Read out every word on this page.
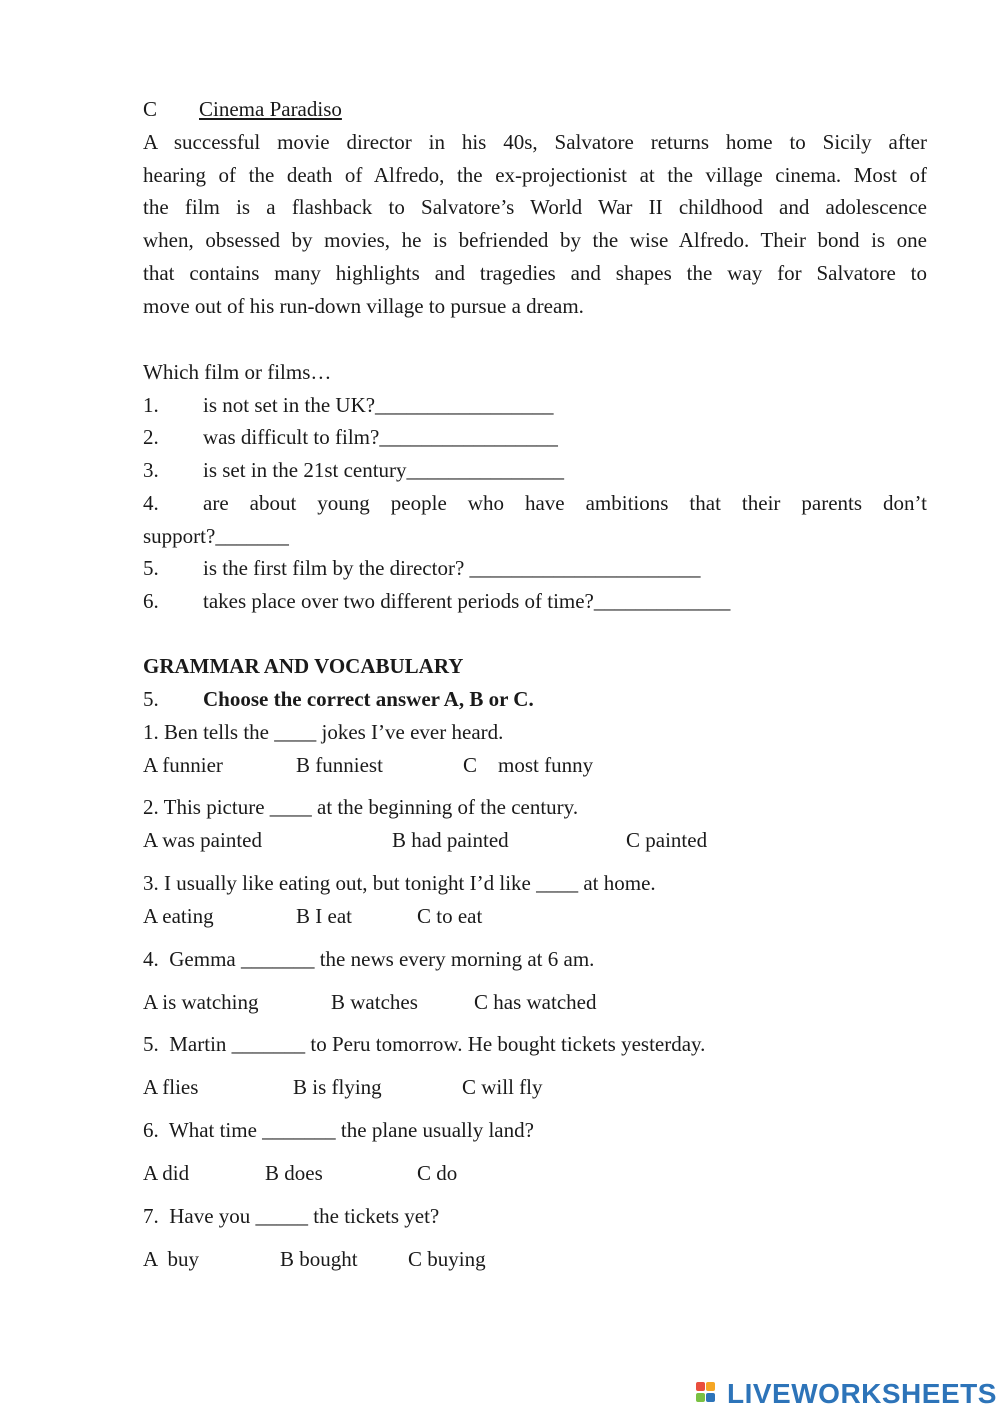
C Cinema Paradiso
A successful movie director in his 40s, Salvatore returns home to Sicily after
hearing of the death of Alfredo, the ex-projectionist at the village cinema. Most of
the film is a flashback to Salvatore’s World War II childhood and adolescence
when, obsessed by movies, he is befriended by the wise Alfredo. Their bond is one
that contains many highlights and tragedies and shapes the way for Salvatore to
move out of his run-down village to pursue a dream.
Which film or films…
1. is not set in the UK?_________________
2. was difficult to film?_________________
3. is set in the 21st century_______________
4.	are about young people who have ambitions that their parents don’t
support?_______
5. is the first film by the director? ______________________
6. takes place over two different periods of time?_____________
GRAMMAR AND VOCABULARY
5. Choose the correct answer A, B or C.
1. Ben tells the ____ jokes I’ve ever heard.
A funnier	B funniest	C    most funny
2. This picture ____ at the beginning of the century.
A was painted	B had painted	C painted
3. I usually like eating out, but tonight I’d like ____ at home.
A eating	B I eat	C to eat
4.  Gemma _______ the news every morning at 6 am.
A is watching	B watches	C has watched
5.  Martin _______ to Peru tomorrow. He bought tickets yesterday.
A flies	B is flying	C will fly
6.  What time _______ the plane usually land?
A did	B does	C do
7.  Have you _____ the tickets yet?
A  buy	B bought C buying
LIVEWORKSHEETS
